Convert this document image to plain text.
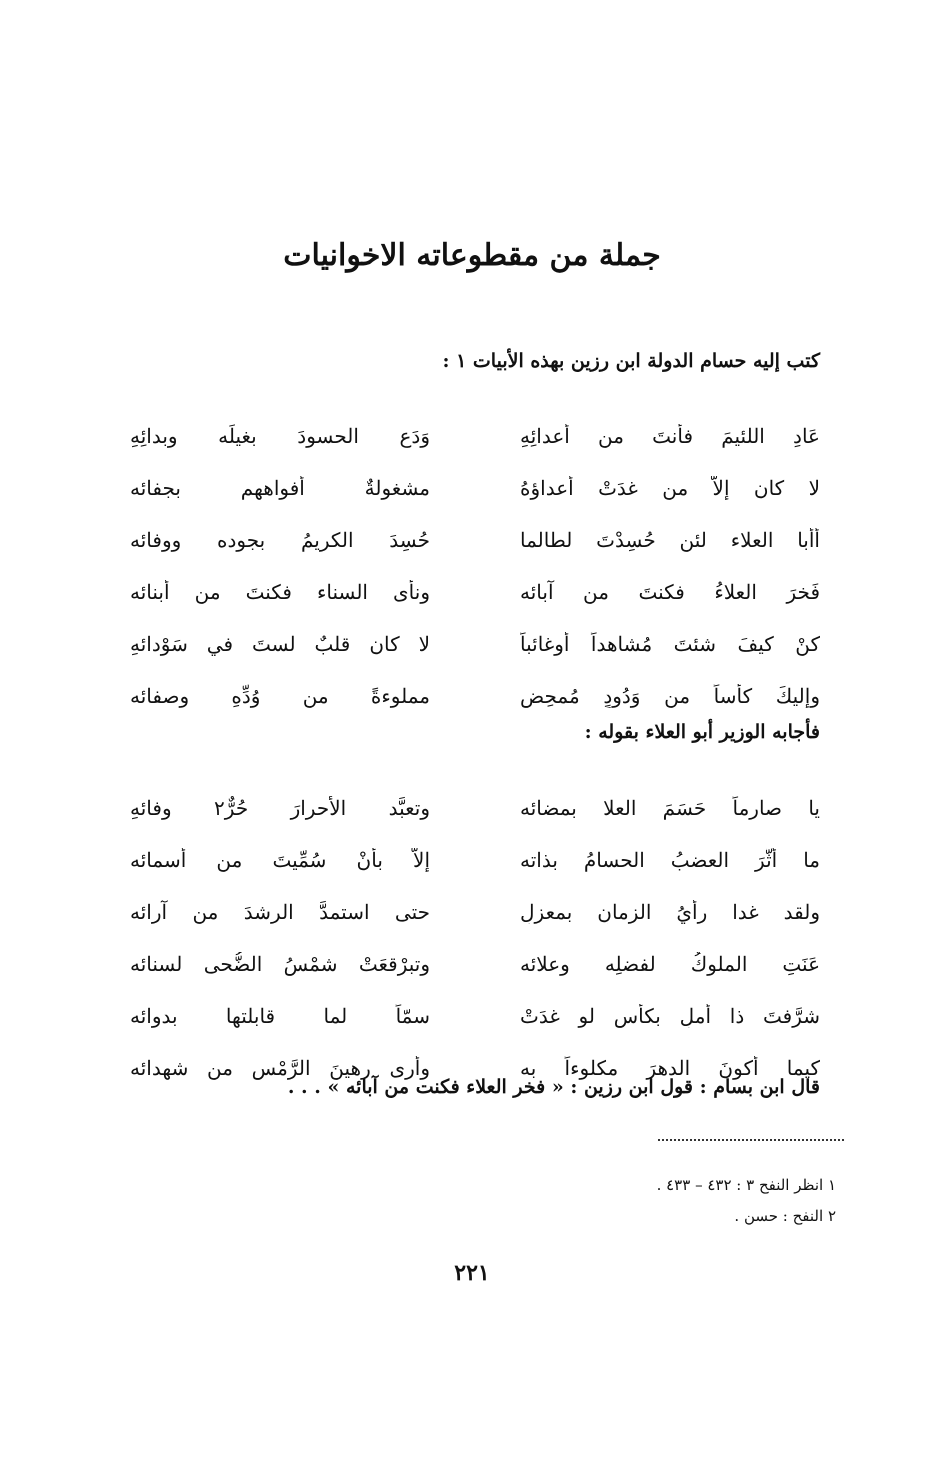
جملة من مقطوعاته الاخوانيات
كتب إليه حسام الدولة ابن رزين بهذه الأبيات ١ :
عَادِ اللئيمَ فأنتَ من أعدائِهِ
وَدَعِ الحسودَ بغيلِّه وبدائِهِ
لا كان إلاّ من غدَتْ أعداؤهُ
مشغولةٌ أفواههم بجفائه
أأبا العلاء لئن حُسِدْتَ لطالما
حُسِدَ الكريمُ بجوده ووفائه
فَخرَ العلاءُ فكنتَ من آبائه
ونأى السناء فكنتَ من أبنائه
كنْ كيفَ شئتَ مُشاهداً أوغائباً
لا كان قلبٌ لستَ في سَوْدائهِ
وإليكَ كأساً من وَدُودٍ مُمحِضٍ
مملوءةً من وُدِّهِ وصفائه
فأجابه الوزير أبو العلاء بقوله :
يا صارماً حَسَمَ العلا بمضائه
وتعبَّد الأحرارَ حُرٌّ٢ وفائهِ
ما أثَّرَ العضبُ الحسامُ بذاته
إلاّ بأنْ سُمِّيتَ من أسمائه
ولقد غدا رأيُ الزمانِ بمعزلٍ
حتى استمدَّ الرشدَ من آرائه
عَنَتِ الملوكُ لفضلِه وعلائه
وتبرْقعَتْ شمْسُ الضُّحى لسنائه
شرَّفتَ ذا أملٍ بكأسٍ لو غدَتْ
سمّاً لما قابلتها بدوائه
كيما أكونَ الدهرَ مكلوءاً به
وأرى رهينَ الرَّمْسِ من شهدائه
قال ابن بسام : قول ابن رزين : « فخر العلاء فكنت من آبائه » . . .
١ انظر النفح ٣ : ٤٣٢ – ٤٣٣ .
٢ النفح : حسن .
٢٢١
